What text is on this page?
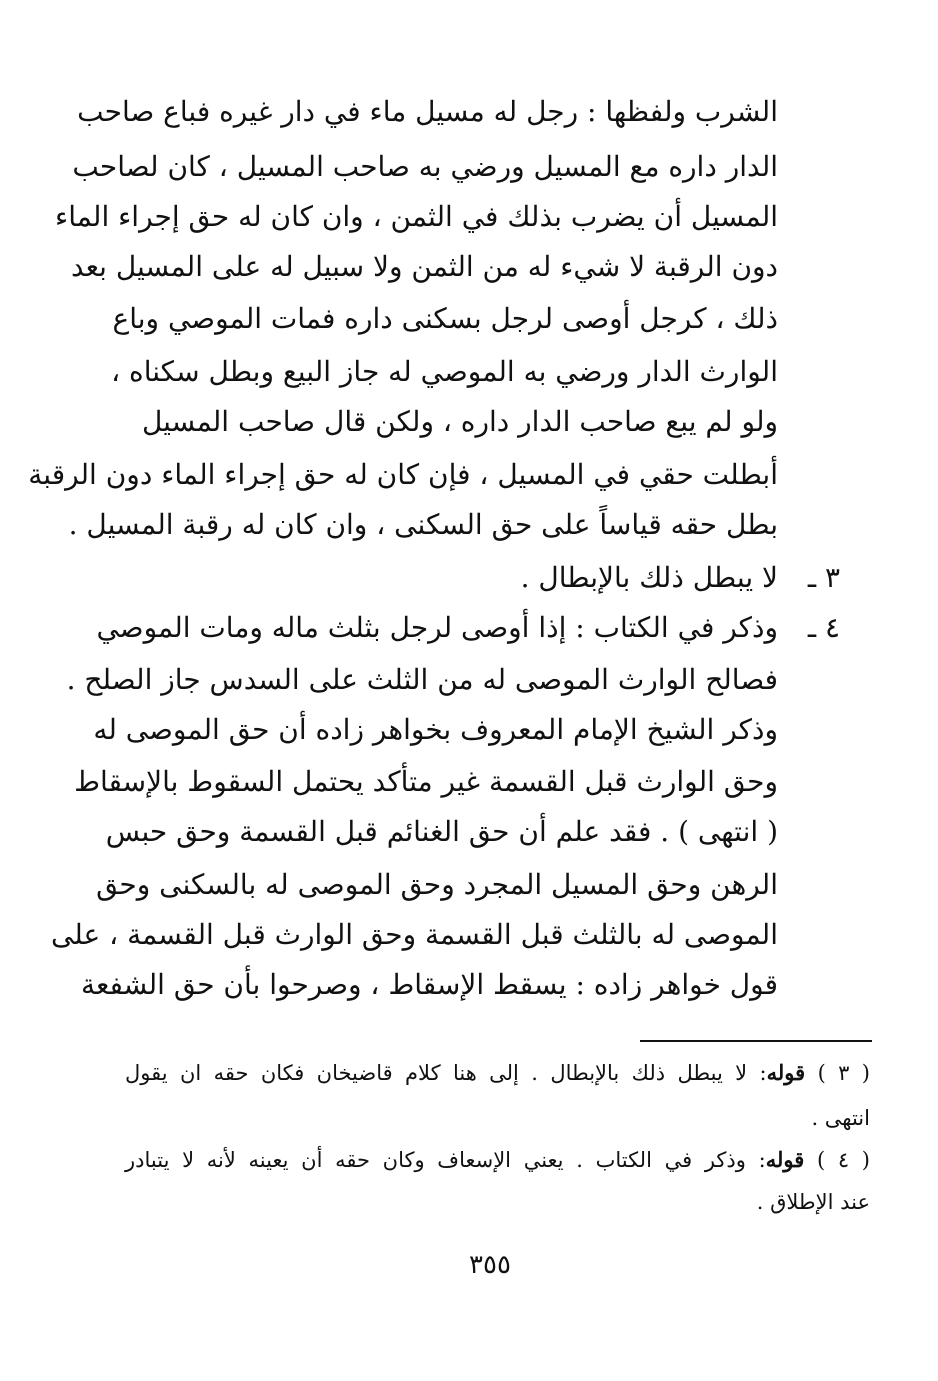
الشرب ولفظها : رجل له مسيل ماء في دار غيره فباع صاحب
الدار داره مع المسيل ورضي به صاحب المسيل ، كان لصاحب
المسيل أن يضرب بذلك في الثمن ، وان كان له حق إجراء الماء
دون الرقبة لا شيء له من الثمن ولا سبيل له على المسيل بعد
ذلك ، كرجل أوصى لرجل بسكنى داره فمات الموصي وباع
الوارث الدار ورضي به الموصي له جاز البيع وبطل سكناه ،
ولو لم يبع صاحب الدار داره ، ولكن قال صاحب المسيل
أبطلت حقي في المسيل ، فإن كان له حق إجراء الماء دون الرقبة
بطل حقه قياساً على حق السكنى ، وان كان له رقبة المسيل .
٣ ـ
لا يبطل ذلك بالإبطال .
٤ ـ
وذكر في الكتاب : إذا أوصى لرجل بثلث ماله ومات الموصي
فصالح الوارث الموصى له من الثلث على السدس جاز الصلح .
وذكر الشيخ الإمام المعروف بخواهر زاده أن حق الموصى له
وحق الوارث قبل القسمة غير متأكد يحتمل السقوط بالإسقاط
( انتهى ) . فقد علم أن حق الغنائم قبل القسمة وحق حبس
الرهن وحق المسيل المجرد وحق الموصى له بالسكنى وحق
الموصى له بالثلث قبل القسمة وحق الوارث قبل القسمة ، على
قول خواهر زاده : يسقط الإسقاط ، وصرحوا بأن حق الشفعة
( ٣ ) قوله: لا يبطل ذلك بالإبطال . إلى هنا كلام قاضيخان فكان حقه ان يقول
انتهى .
( ٤ ) قوله: وذكر في الكتاب . يعني الإسعاف وكان حقه أن يعينه لأنه لا يتبادر
عند الإطلاق .
٣٥٥
